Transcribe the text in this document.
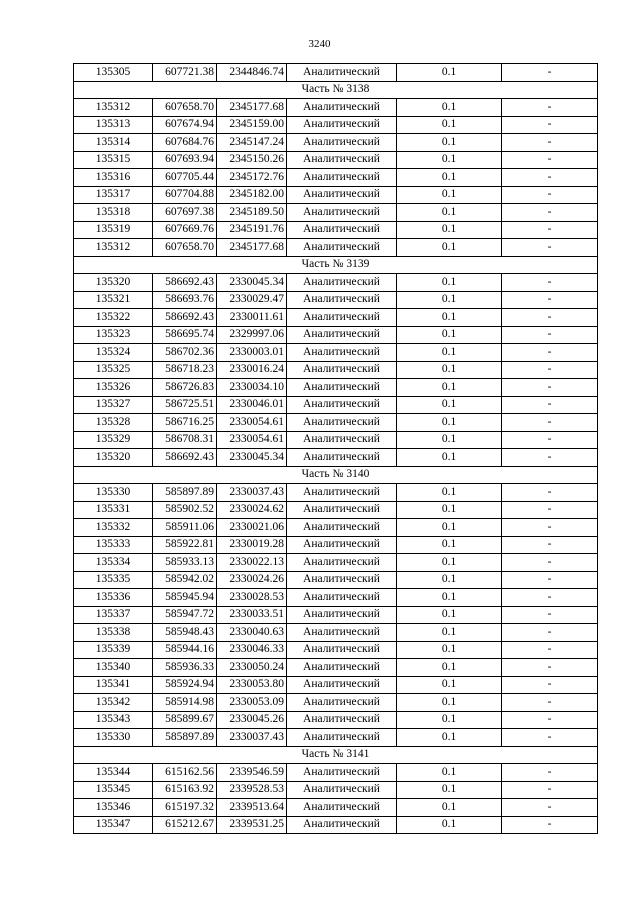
3240
135305	607721.38	2344846.74	Аналитический	0.1	-
Часть № 3138					
135312	607658.70	2345177.68	Аналитический	0.1	-
135313	607674.94	2345159.00	Аналитический	0.1	-
135314	607684.76	2345147.24	Аналитический	0.1	-
135315	607693.94	2345150.26	Аналитический	0.1	-
135316	607705.44	2345172.76	Аналитический	0.1	-
135317	607704.88	2345182.00	Аналитический	0.1	-
135318	607697.38	2345189.50	Аналитический	0.1	-
135319	607669.76	2345191.76	Аналитический	0.1	-
135312	607658.70	2345177.68	Аналитический	0.1	-
Часть № 3139					
135320	586692.43	2330045.34	Аналитический	0.1	-
135321	586693.76	2330029.47	Аналитический	0.1	-
135322	586692.43	2330011.61	Аналитический	0.1	-
135323	586695.74	2329997.06	Аналитический	0.1	-
135324	586702.36	2330003.01	Аналитический	0.1	-
135325	586718.23	2330016.24	Аналитический	0.1	-
135326	586726.83	2330034.10	Аналитический	0.1	-
135327	586725.51	2330046.01	Аналитический	0.1	-
135328	586716.25	2330054.61	Аналитический	0.1	-
135329	586708.31	2330054.61	Аналитический	0.1	-
135320	586692.43	2330045.34	Аналитический	0.1	-
Часть № 3140					
135330	585897.89	2330037.43	Аналитический	0.1	-
135331	585902.52	2330024.62	Аналитический	0.1	-
135332	585911.06	2330021.06	Аналитический	0.1	-
135333	585922.81	2330019.28	Аналитический	0.1	-
135334	585933.13	2330022.13	Аналитический	0.1	-
135335	585942.02	2330024.26	Аналитический	0.1	-
135336	585945.94	2330028.53	Аналитический	0.1	-
135337	585947.72	2330033.51	Аналитический	0.1	-
135338	585948.43	2330040.63	Аналитический	0.1	-
135339	585944.16	2330046.33	Аналитический	0.1	-
135340	585936.33	2330050.24	Аналитический	0.1	-
135341	585924.94	2330053.80	Аналитический	0.1	-
135342	585914.98	2330053.09	Аналитический	0.1	-
135343	585899.67	2330045.26	Аналитический	0.1	-
135330	585897.89	2330037.43	Аналитический	0.1	-
Часть № 3141					
135344	615162.56	2339546.59	Аналитический	0.1	-
135345	615163.92	2339528.53	Аналитический	0.1	-
135346	615197.32	2339513.64	Аналитический	0.1	-
135347	615212.67	2339531.25	Аналитический	0.1	-
